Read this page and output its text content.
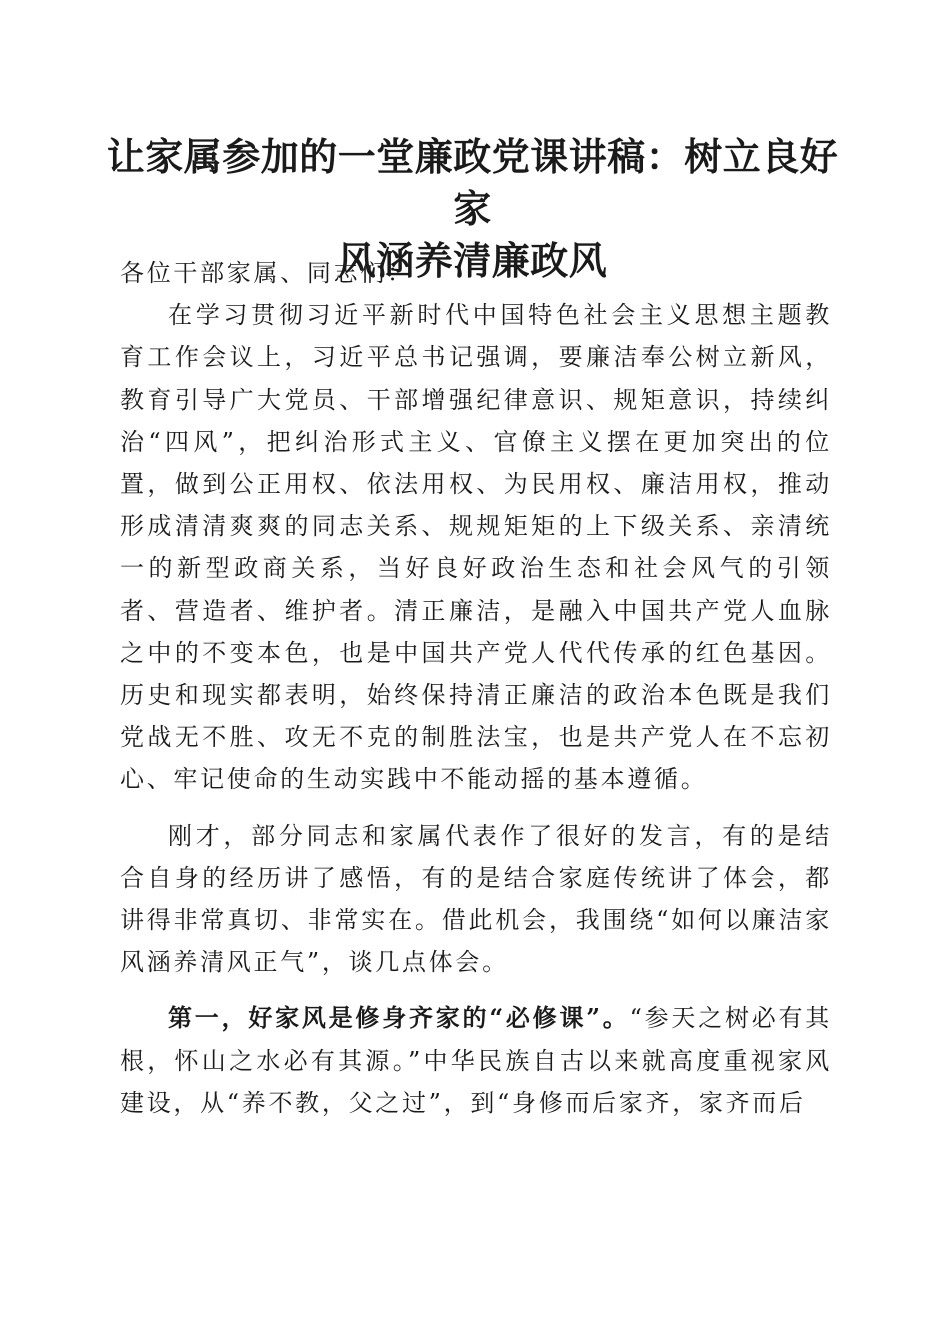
让家属参加的一堂廉政党课讲稿：树立良好家
风涵养清廉政风

各位干部家属、同志们：

在学习贯彻习近平新时代中国特色社会主义思想主题教育工作会议上，习近平总书记强调，要廉洁奉公树立新风，教育引导广大党员、干部增强纪律意识、规矩意识，持续纠治“四风”，把纠治形式主义、官僚主义摆在更加突出的位置，做到公正用权、依法用权、为民用权、廉洁用权，推动形成清清爽爽的同志关系、规规矩矩的上下级关系、亲清统一的新型政商关系，当好良好政治生态和社会风气的引领者、营造者、维护者。清正廉洁，是融入中国共产党人血脉之中的不变本色，也是中国共产党人代代传承的红色基因。历史和现实都表明，始终保持清正廉洁的政治本色既是我们党战无不胜、攻无不克的制胜法宝，也是共产党人在不忘初心、牢记使命的生动实践中不能动摇的基本遵循。

刚才，部分同志和家属代表作了很好的发言，有的是结合自身的经历讲了感悟，有的是结合家庭传统讲了体会，都讲得非常真切、非常实在。借此机会，我围绕“如何以廉洁家风涵养清风正气”，谈几点体会。

第一，好家风是修身齐家的“必修课”。“参天之树必有其根，怀山之水必有其源。”中华民族自古以来就高度重视家风建设，从“养不教，父之过”，到“身修而后家齐，家齐而后
